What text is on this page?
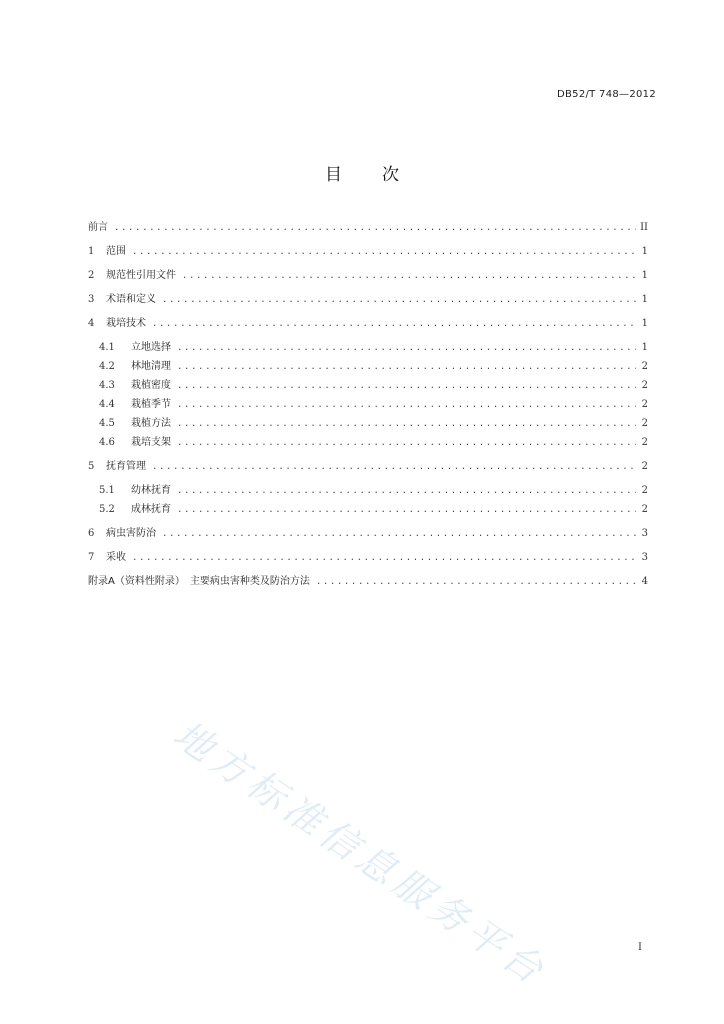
DB52/T 748—2012
目 次
前言 .....	II
1	范围 .....	1
2	规范性引用文件 .....	1
3	术语和定义 .....	1
4	栽培技术 .....	1
4.1	立地选择 .....	1
4.2	林地清理 .....	2
4.3	栽植密度 .....	2
4.4	栽植季节 .....	2
4.5	栽植方法 .....	2
4.6	栽培支架 .....	2
5	抚育管理 .....	2
5.1	幼林抚育 .....	2
5.2	成林抚育 .....	2
6	病虫害防治 .....	3
7	采收 .....	3
附录A（资料性附录）　主要病虫害种类及防治方法 .....	4
地方标准信息服务平台	I
